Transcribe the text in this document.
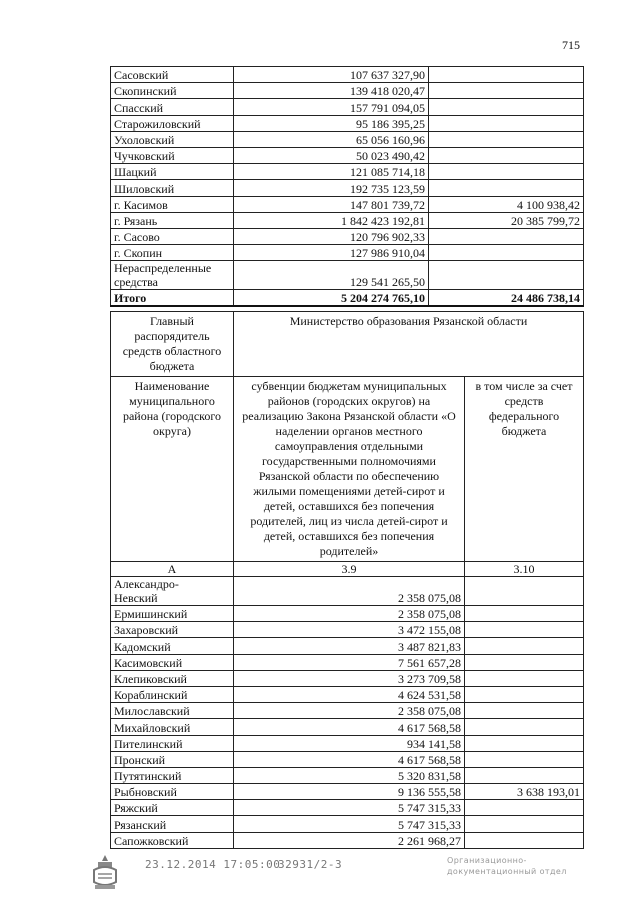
715
Сасовский	107 637 327,90	
Скопинский	139 418 020,47	
Спасский	157 791 094,05	
Старожиловский	95 186 395,25	
Ухоловский	65 056 160,96	
Чучковский	50 023 490,42	
Шацкий	121 085 714,18	
Шиловский	192 735 123,59	
г. Касимов	147 801 739,72	4 100 938,42
г. Рязань	1 842 423 192,81	20 385 799,72
г. Сасово	120 796 902,33	
г. Скопин	127 986 910,04	
Нераспределенные
средства	129 541 265,50	
Итого	5 204 274 765,10	24 486 738,14
Главный распорядитель средств областного бюджета	Министерство образования Рязанской области	
Наименование муниципального района (городского округа)	субвенции бюджетам муниципальных районов (городских округов) на реализацию Закона Рязанской области «О наделении органов местного самоуправления отдельными государственными полномочиями Рязанской области по обеспечению жилыми помещениями детей-сирот и детей, оставшихся без попечения родителей, лиц из числа детей-сирот и детей, оставшихся без попечения родителей»	в том числе за счет средств федерального бюджета
А	3.9	3.10
Александро-
Невский	2 358 075,08	
Ермишинский	2 358 075,08	
Захаровский	3 472 155,08	
Кадомский	3 487 821,83	
Касимовский	7 561 657,28	
Клепиковский	3 273 709,58	
Кораблинский	4 624 531,58	
Милославский	2 358 075,08	
Михайловский	4 617 568,58	
Пителинский	934 141,58	
Пронский	4 617 568,58	
Путятинский	5 320 831,58	
Рыбновский	9 136 555,58	3 638 193,01
Ряжский	5 747 315,33	
Рязанский	5 747 315,33	
Сапожковский	2 261 968,27	
23.12.2014 17:05:00
32931/2-3	Организационно-
документационный отдел
